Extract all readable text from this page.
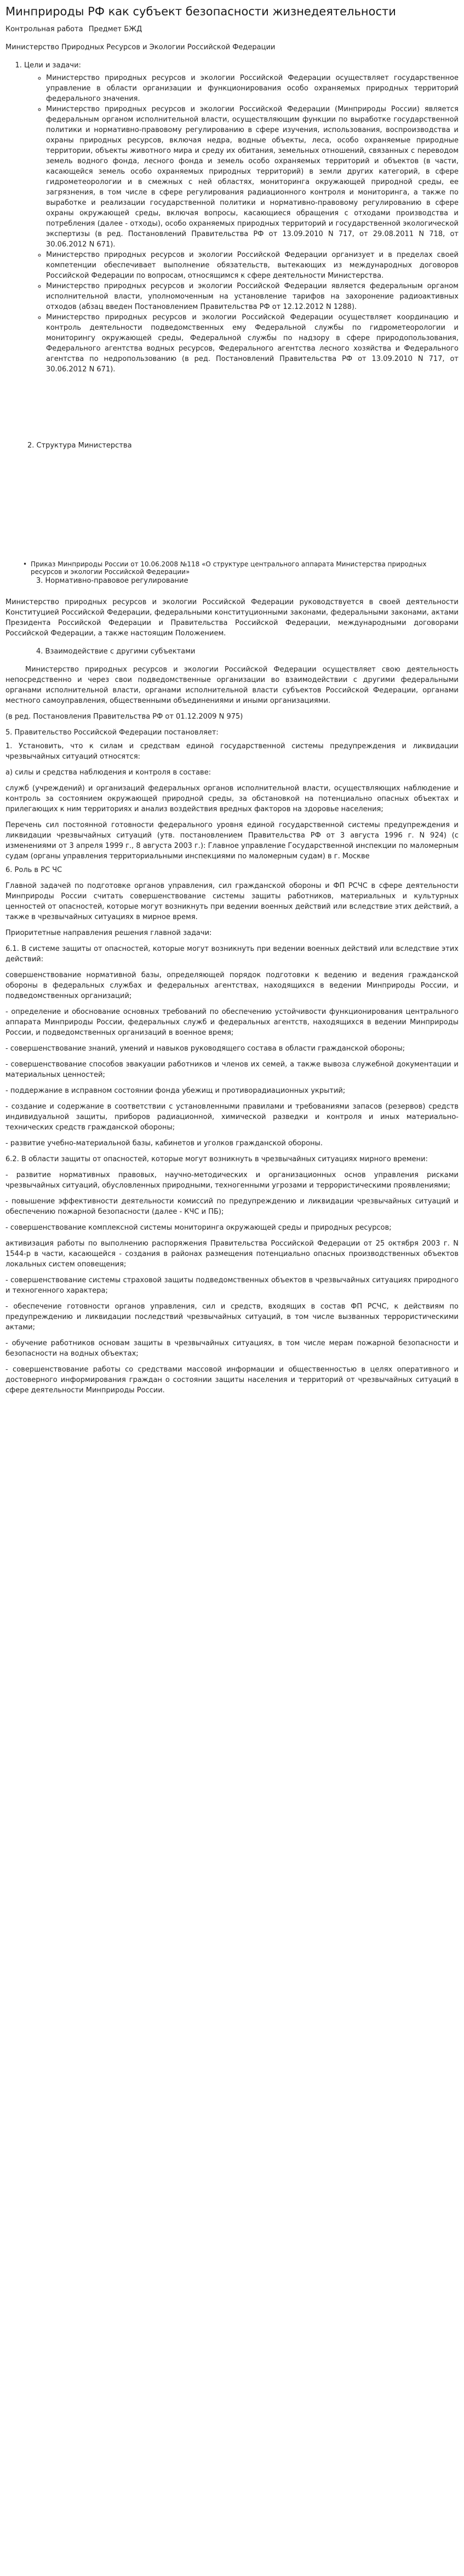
Минприроды РФ как субъект безопасности жизнедеятельности
Контрольная работа Предмет БЖД
Министерство Природных Ресурсов и Экологии Российской Федерации
1. Цели и задачи:
◦ Министерство природных ресурсов и экологии Российской Федерации осуществляет государственное управление в области организации и функционирования особо охраняемых природных территорий федерального значения.
◦ Министерство природных ресурсов и экологии Российской Федерации (Минприроды России) является федеральным органом исполнительной власти, осуществляющим функции по выработке государственной политики и нормативно-правовому регулированию в сфере изучения, использования, воспроизводства и охраны природных ресурсов, включая недра, водные объекты, леса, особо охраняемые природные территории, объекты животного мира и среду их обитания, земельных отношений, связанных с переводом земель водного фонда, лесного фонда и земель особо охраняемых территорий и объектов (в части, касающейся земель особо охраняемых природных территорий) в земли других категорий, в сфере гидрометеорологии и в смежных с ней областях, мониторинга окружающей природной среды, ее загрязнения, в том числе в сфере регулирования радиационного контроля и мониторинга, а также по выработке и реализации государственной политики и нормативно-правовому регулированию в сфере охраны окружающей среды, включая вопросы, касающиеся обращения с отходами производства и потребления (далее - отходы), особо охраняемых природных территорий и государственной экологической экспертизы (в ред. Постановлений Правительства РФ от 13.09.2010 N 717, от 29.08.2011 N 718, от 30.06.2012 N 671).
◦ Министерство природных ресурсов и экологии Российской Федерации организует и в пределах своей компетенции обеспечивает выполнение обязательств, вытекающих из международных договоров Российской Федерации по вопросам, относящимся к сфере деятельности Министерства.
◦ Министерство природных ресурсов и экологии Российской Федерации является федеральным органом исполнительной власти, уполномоченным на установление тарифов на захоронение радиоактивных отходов (абзац введен Постановлением Правительства РФ от 12.12.2012 N 1288).
◦ Министерство природных ресурсов и экологии Российской Федерации осуществляет координацию и контроль деятельности подведомственных ему Федеральной службы по гидрометеорологии и мониторингу окружающей среды, Федеральной службы по надзору в сфере природопользования, Федерального агентства водных ресурсов, Федерального агентства лесного хозяйства и Федерального агентства по недропользованию (в ред. Постановлений Правительства РФ от 13.09.2010 N 717, от 30.06.2012 N 671).
2. Структура Министерства
• Приказ Минприроды России от 10.06.2008 №118 «О структуре центрального аппарата Министерства природных ресурсов и экологии Российской Федерации»
3. Нормативно-правовое регулирование

Министерство природных ресурсов и экологии Российской Федерации руководствуется в своей деятельности Конституцией Российской Федерации, федеральными конституционными законами, федеральными законами, актами Президента Российской Федерации и Правительства Российской Федерации, международными договорами Российской Федерации, а также настоящим Положением.

4. Взаимодействие с другими субъектами

Министерство природных ресурсов и экологии Российской Федерации осуществляет свою деятельность непосредственно и через свои подведомственные организации во взаимодействии с другими федеральными органами исполнительной власти, органами исполнительной власти субъектов Российской Федерации, органами местного самоуправления, общественными объединениями и иными организациями.

(в ред. Постановления Правительства РФ от 01.12.2009 N 975)

5. Правительство Российской Федерации постановляет:

1. Установить, что к силам и средствам единой государственной системы предупреждения и ликвидации чрезвычайных ситуаций относятся:

а) силы и средства наблюдения и контроля в составе:

служб (учреждений) и организаций федеральных органов исполнительной власти, осуществляющих наблюдение и контроль за состоянием окружающей природной среды, за обстановкой на потенциально опасных объектах и прилегающих к ним территориях и анализ воздействия вредных факторов на здоровье населения;

Перечень сил постоянной готовности федерального уровня единой государственной системы предупреждения и ликвидации чрезвычайных ситуаций (утв. постановлением Правительства РФ от 3 августа 1996 г. N 924) (с изменениями от 3 апреля 1999 г., 8 августа 2003 г.): Главное управление Государственной инспекции по маломерным судам (органы управления территориальными инспекциями по маломерным судам) в г. Москве

6. Роль в РС ЧС

Главной задачей по подготовке органов управления, сил гражданской обороны и ФП РСЧС в сфере деятельности Минприроды России считать совершенствование системы защиты работников, материальных и культурных ценностей от опасностей, которые могут возникнуть при ведении военных действий или вследствие этих действий, а также в чрезвычайных ситуациях в мирное время.

Приоритетные направления решения главной задачи:

6.1. В системе защиты от опасностей, которые могут возникнуть при ведении военных действий или вследствие этих действий:

совершенствование нормативной базы, определяющей порядок подготовки к ведению и ведения гражданской обороны в федеральных службах и федеральных агентствах, находящихся в ведении Минприроды России, и подведомственных организаций;

- определение и обоснование основных требований по обеспечению устойчивости функционирования центрального аппарата Минприроды России, федеральных служб и федеральных агентств, находящихся в ведении Минприроды России, и подведомственных организаций в военное время;

- совершенствование знаний, умений и навыков руководящего состава в области гражданской обороны;

- совершенствование способов эвакуации работников и членов их семей, а также вывоза служебной документации и материальных ценностей;

- поддержание в исправном состоянии фонда убежищ и противорадиационных укрытий;

- создание и содержание в соответствии с установленными правилами и требованиями запасов (резервов) средств индивидуальной защиты, приборов радиационной, химической разведки и контроля и иных материально-технических средств гражданской обороны;

- развитие учебно-материальной базы, кабинетов и уголков гражданской обороны.

6.2. В области защиты от опасностей, которые могут возникнуть в чрезвычайных ситуациях мирного времени:

- развитие нормативных правовых, научно-методических и организационных основ управления рисками чрезвычайных ситуаций, обусловленных природными, техногенными угрозами и террористическими проявлениями;

- повышение эффективности деятельности комиссий по предупреждению и ликвидации чрезвычайных ситуаций и обеспечению пожарной безопасности (далее - КЧС и ПБ);

- совершенствование комплексной системы мониторинга окружающей среды и природных ресурсов;

активизация работы по выполнению распоряжения Правительства Российской Федерации от 25 октября 2003 г. N 1544-р в части, касающейся - создания в районах размещения потенциально опасных производственных объектов локальных систем оповещения;

- совершенствование системы страховой защиты подведомственных объектов в чрезвычайных ситуациях природного и техногенного характера;

- обеспечение готовности органов управления, сил и средств, входящих в состав ФП РСЧС, к действиям по предупреждению и ликвидации последствий чрезвычайных ситуаций, в том числе вызванных террористическими актами;

- обучение работников основам защиты в чрезвычайных ситуациях, в том числе мерам пожарной безопасности и безопасности на водных объектах;

- совершенствование работы со средствами массовой информации и общественностью в целях оперативного и достоверного информирования граждан о состоянии защиты населения и территорий от чрезвычайных ситуаций в сфере деятельности Минприроды России.
